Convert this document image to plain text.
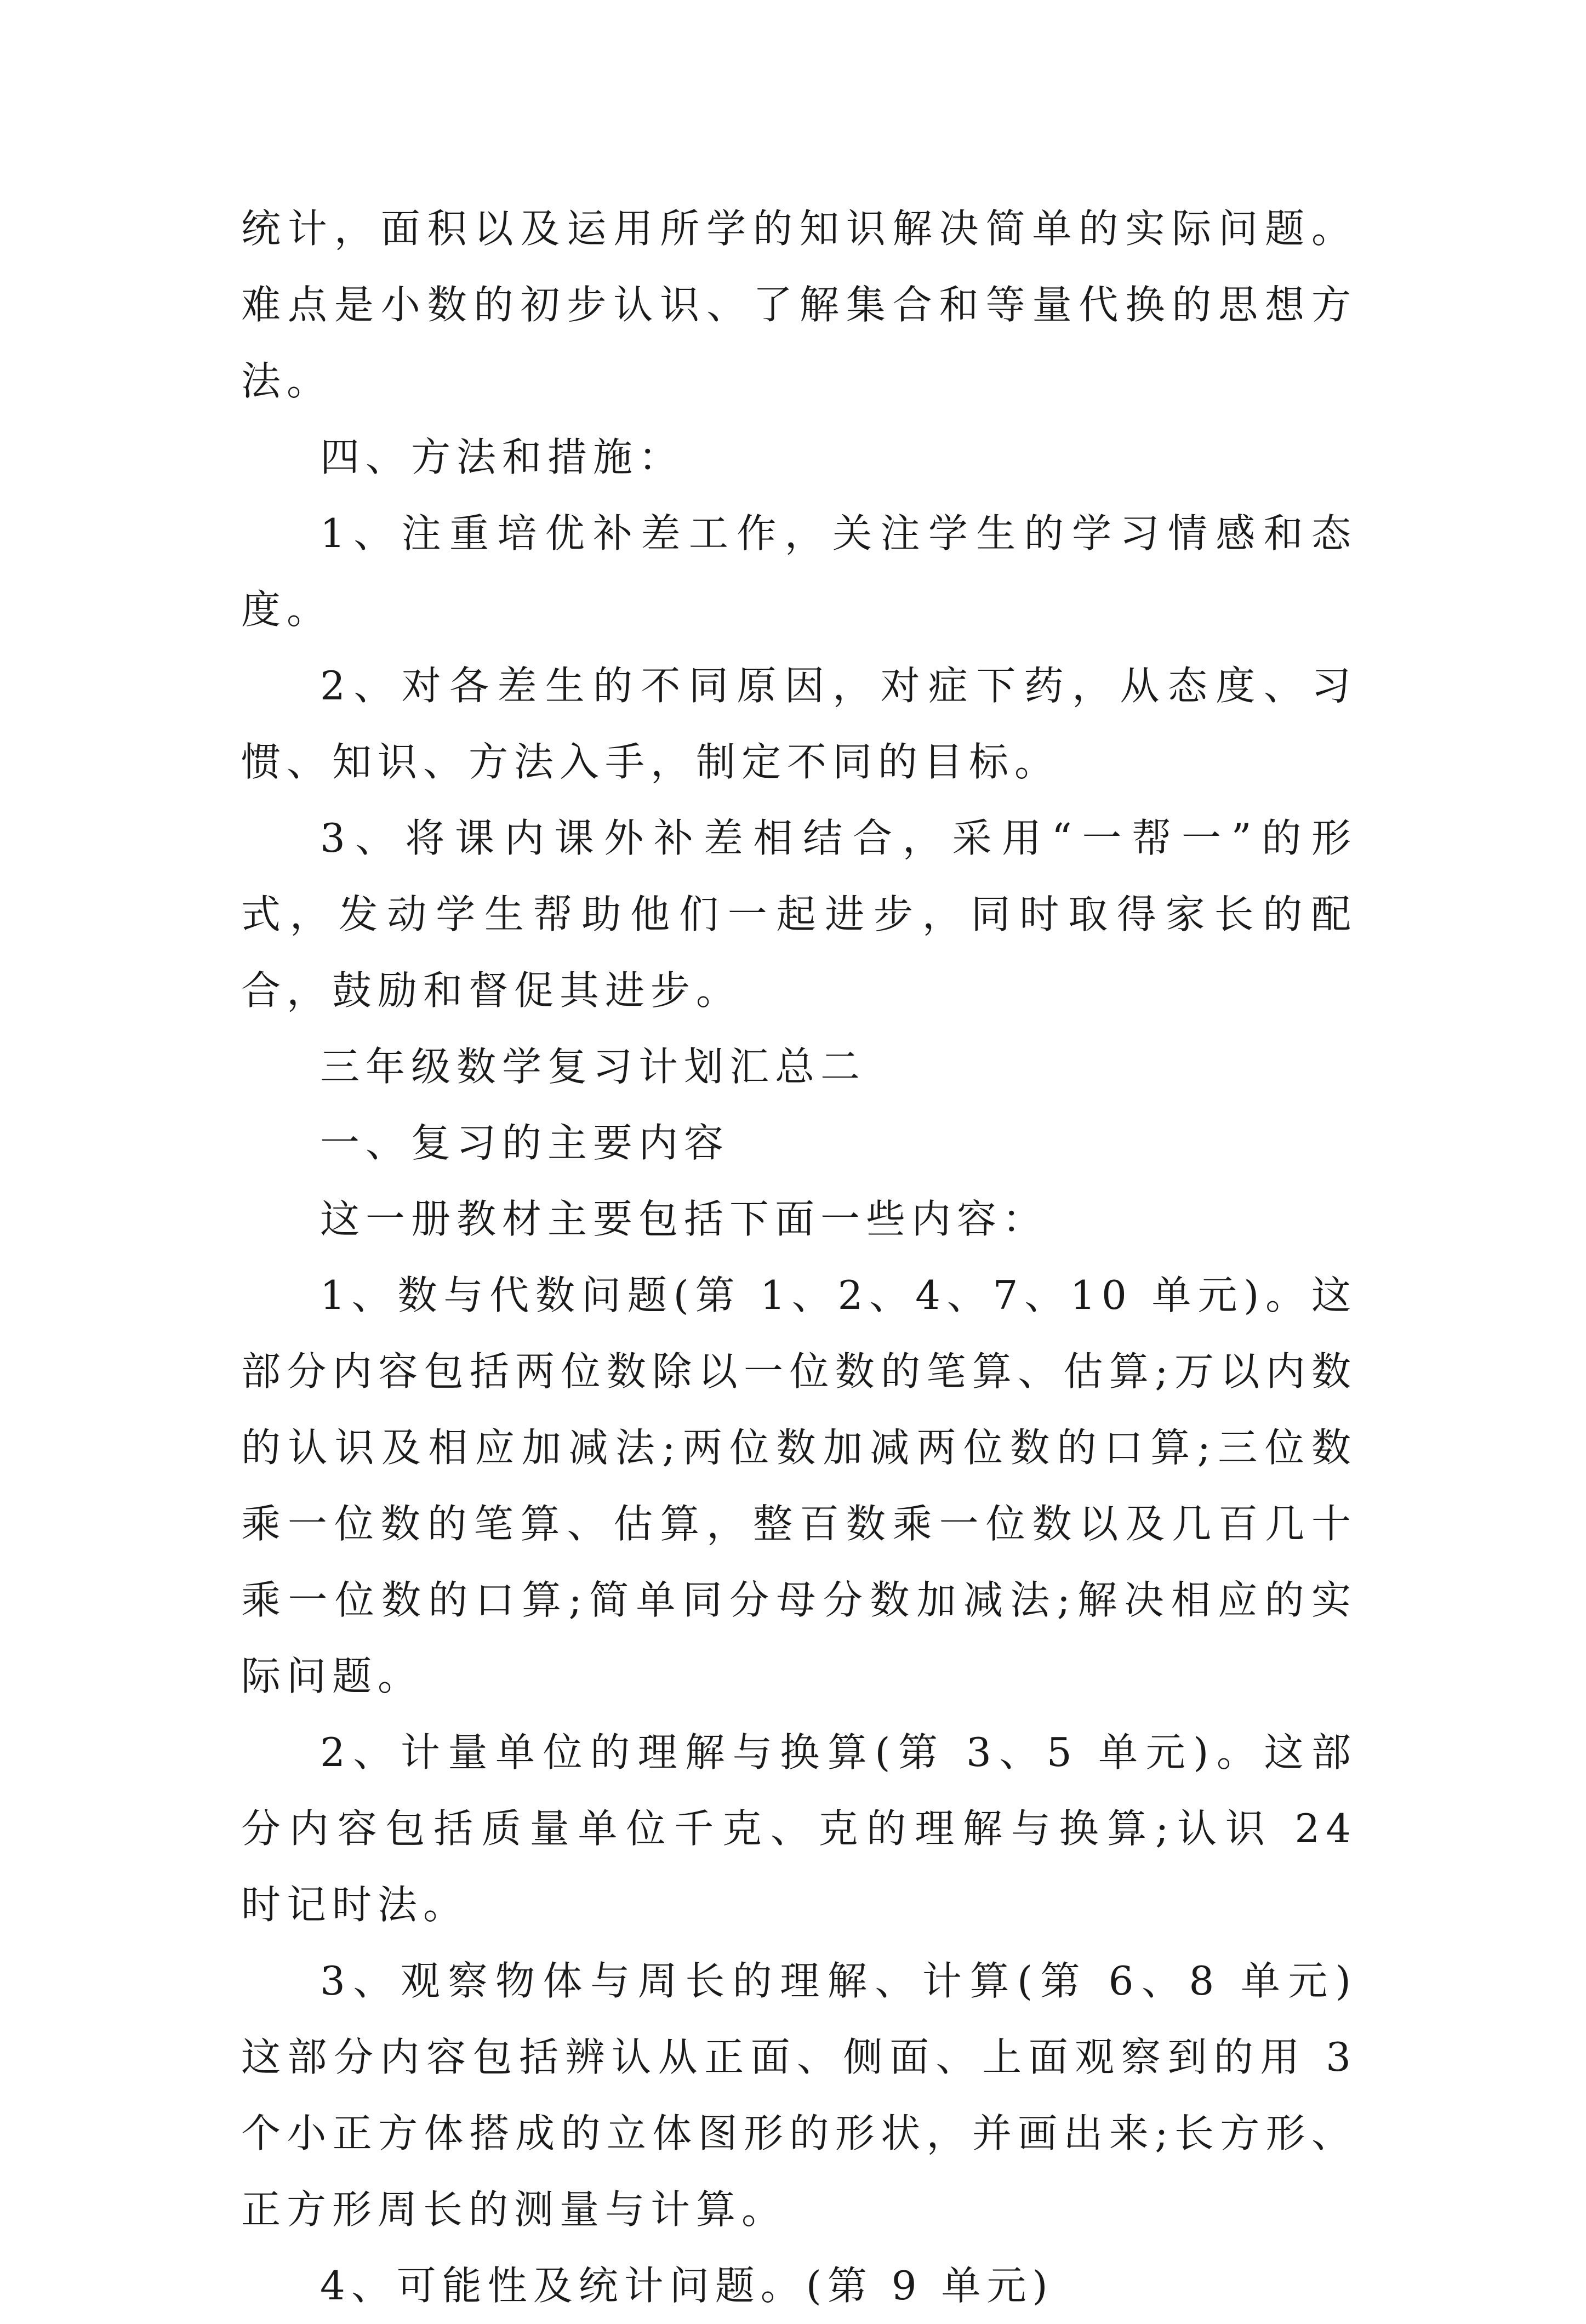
统计，面积以及运用所学的知识解决简单的实际问题。难点是小数的初步认识、了解集合和等量代换的思想方法。

四、方法和措施：

1、注重培优补差工作，关注学生的学习情感和态度。

2、对各差生的不同原因，对症下药，从态度、习惯、知识、方法入手，制定不同的目标。

3、将课内课外补差相结合，采用“一帮一”的形式，发动学生帮助他们一起进步，同时取得家长的配合，鼓励和督促其进步。

三年级数学复习计划汇总二

一、复习的主要内容

这一册教材主要包括下面一些内容：

1、数与代数问题(第 1、2、4、7、10 单元)。这部分内容包括两位数除以一位数的笔算、估算;万以内数的认识及相应加减法;两位数加减两位数的口算;三位数乘一位数的笔算、估算，整百数乘一位数以及几百几十乘一位数的口算;简单同分母分数加减法;解决相应的实际问题。

2、计量单位的理解与换算(第 3、5 单元)。这部分内容包括质量单位千克、克的理解与换算;认识 24 时记时法。

3、观察物体与周长的理解、计算(第 6、8 单元)这部分内容包括辨认从正面、侧面、上面观察到的用 3 个小正方体搭成的立体图形的形状，并画出来;长方形、正方形周长的测量与计算。

4、可能性及统计问题。(第 9 单元)
